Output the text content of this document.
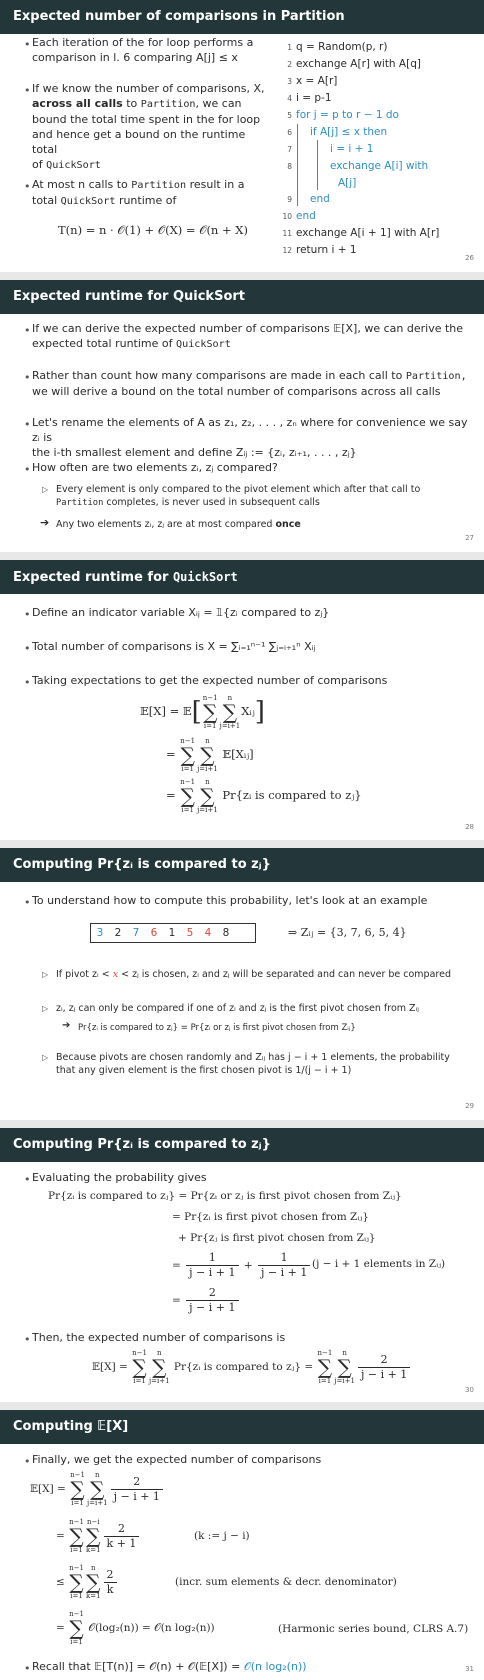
Expected number of comparisons in Partition
• Each iteration of the for loop performs a
comparison in l. 6 comparing A[j] ≤ x
• If we know the number of comparisons, X,
across all calls to Partition, we can
bound the total time spent in the for loop
and hence get a bound on the runtime total
of QuickSort
• At most n calls to Partition result in a
total QuickSort runtime of
T(n) = n · 𝒪(1) + 𝒪(X) = 𝒪(n + X)
1 q = Random(p, r)
2 exchange A[r] with A[q]
3 x = A[r]
4 i = p-1
5 for j = p to r − 1 do
6 if A[j] ≤ x then
7	i = i + 1
8	exchange A[i] with
A[j]
9 end
10 end
11 exchange A[i + 1] with A[r]
12 return i + 1
26
Expected runtime for QuickSort
• If we can derive the expected number of comparisons 𝔼[X], we can derive the
expected total runtime of QuickSort
• Rather than count how many comparisons are made in each call to Partition,
we will derive a bound on the total number of comparisons across all calls
• Let's rename the elements of A as z₁, z₂, . . . , zₙ where for convenience we say zᵢ is
the i-th smallest element and define Zᵢⱼ := {zᵢ, zᵢ₊₁, . . . , zⱼ}
• How often are two elements zᵢ, zⱼ compared?
▷ Every element is only compared to the pivot element which after that call to
Partition completes, is never used in subsequent calls
➔ Any two elements zᵢ, zⱼ are at most compared once
27
Expected runtime for QuickSort
• Define an indicator variable Xᵢⱼ = 𝟙{zᵢ compared to zⱼ}
• Total number of comparisons is X = ∑ᵢ₌₁ⁿ⁻¹ ∑ⱼ₌ᵢ₊₁ⁿ Xᵢⱼ
• Taking expectations to get the expected number of comparisons
𝔼[X] = 𝔼[n−1
∑
i=1n
∑
j=i+1Xᵢⱼ]
= n−1
∑
i=1n
∑
j=i+1 𝔼[Xᵢⱼ]
= n−1
∑
i=1n
∑
j=i+1 Pr{zᵢ is compared to zⱼ}
28
Computing Pr{zᵢ is compared to zⱼ}
• To understand how to compute this probability, let's look at an example
3 2 7 6 1 5 4 8	⇒ Zᵢⱼ = {3, 7, 6, 5, 4}
▷ If pivot zᵢ < x < zⱼ is chosen, zᵢ and zⱼ will be separated and can never be compared
▷ zᵢ, zⱼ can only be compared if one of zᵢ and zⱼ is the first pivot chosen from Zᵢⱼ
➔ Pr{zᵢ is compared to zⱼ} = Pr{zᵢ or zⱼ is first pivot chosen from Zᵢⱼ}
▷ Because pivots are chosen randomly and Zᵢⱼ has j − i + 1 elements, the probability
that any given element is the first chosen pivot is 1/(j − i + 1)
29
Computing Pr{zᵢ is compared to zⱼ}
• Evaluating the probability gives
Pr{zᵢ is compared to zⱼ} = Pr{zᵢ or zⱼ is first pivot chosen from Zᵢⱼ}
= Pr{zᵢ is first pivot chosen from Zᵢⱼ}
+ Pr{zⱼ is first pivot chosen from Zᵢⱼ}
= $\frac{1}{j - i + 1} + \frac{1}{j - i + 1} (j - i + 1$ elements in Zᵢⱼ)
= $\frac{2}{j - i + 1}$
• Then, the expected number of comparisons is
𝔼[X] = n−1
∑
i=1n
∑
j=i+1 Pr{zᵢ is compared to zⱼ} = n−1
∑
i=1n
∑
$j=i+1 \frac{2}{j - i + 1}$
30
Computing 𝔼[X]
• Finally, we get the expected number of comparisons
𝔼[X] = n−1
∑
i=1n
∑
$j=i+1 \frac{2}{j - i + 1}$
= n−1
∑
i=1n−i
∑
$k=1 \frac{2}{k + 1}$	(k := j − i)
≤ n−1
∑
i=1n
∑
$k=1 \frac{2}{k}$	(incr. sum elements & decr. denominator)
= n−1
∑
i=1 𝒪(log₂(n)) = 𝒪(n log₂(n))	(Harmonic series bound, CLRS A.7)
• Recall that 𝔼[T(n)] = 𝒪(n) + 𝒪(𝔼[X]) = 𝒪(n log₂(n))	31
